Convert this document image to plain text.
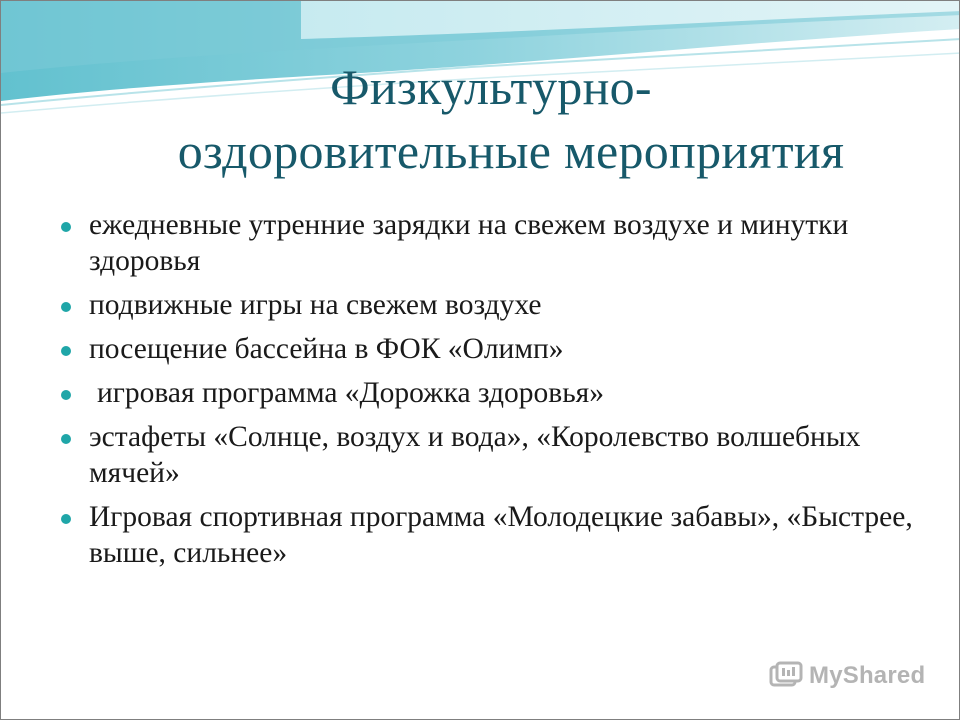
Физкультурно-
оздоровительные мероприятия
ежедневные утренние зарядки на свежем воздухе и минутки здоровья
подвижные игры на свежем воздухе
посещение бассейна в ФОК «Олимп»
игровая программа «Дорожка здоровья»
эстафеты «Солнце, воздух и вода», «Королевство волшебных мячей»
Игровая спортивная программа «Молодецкие забавы», «Быстрее, выше, сильнее»
MyShared
